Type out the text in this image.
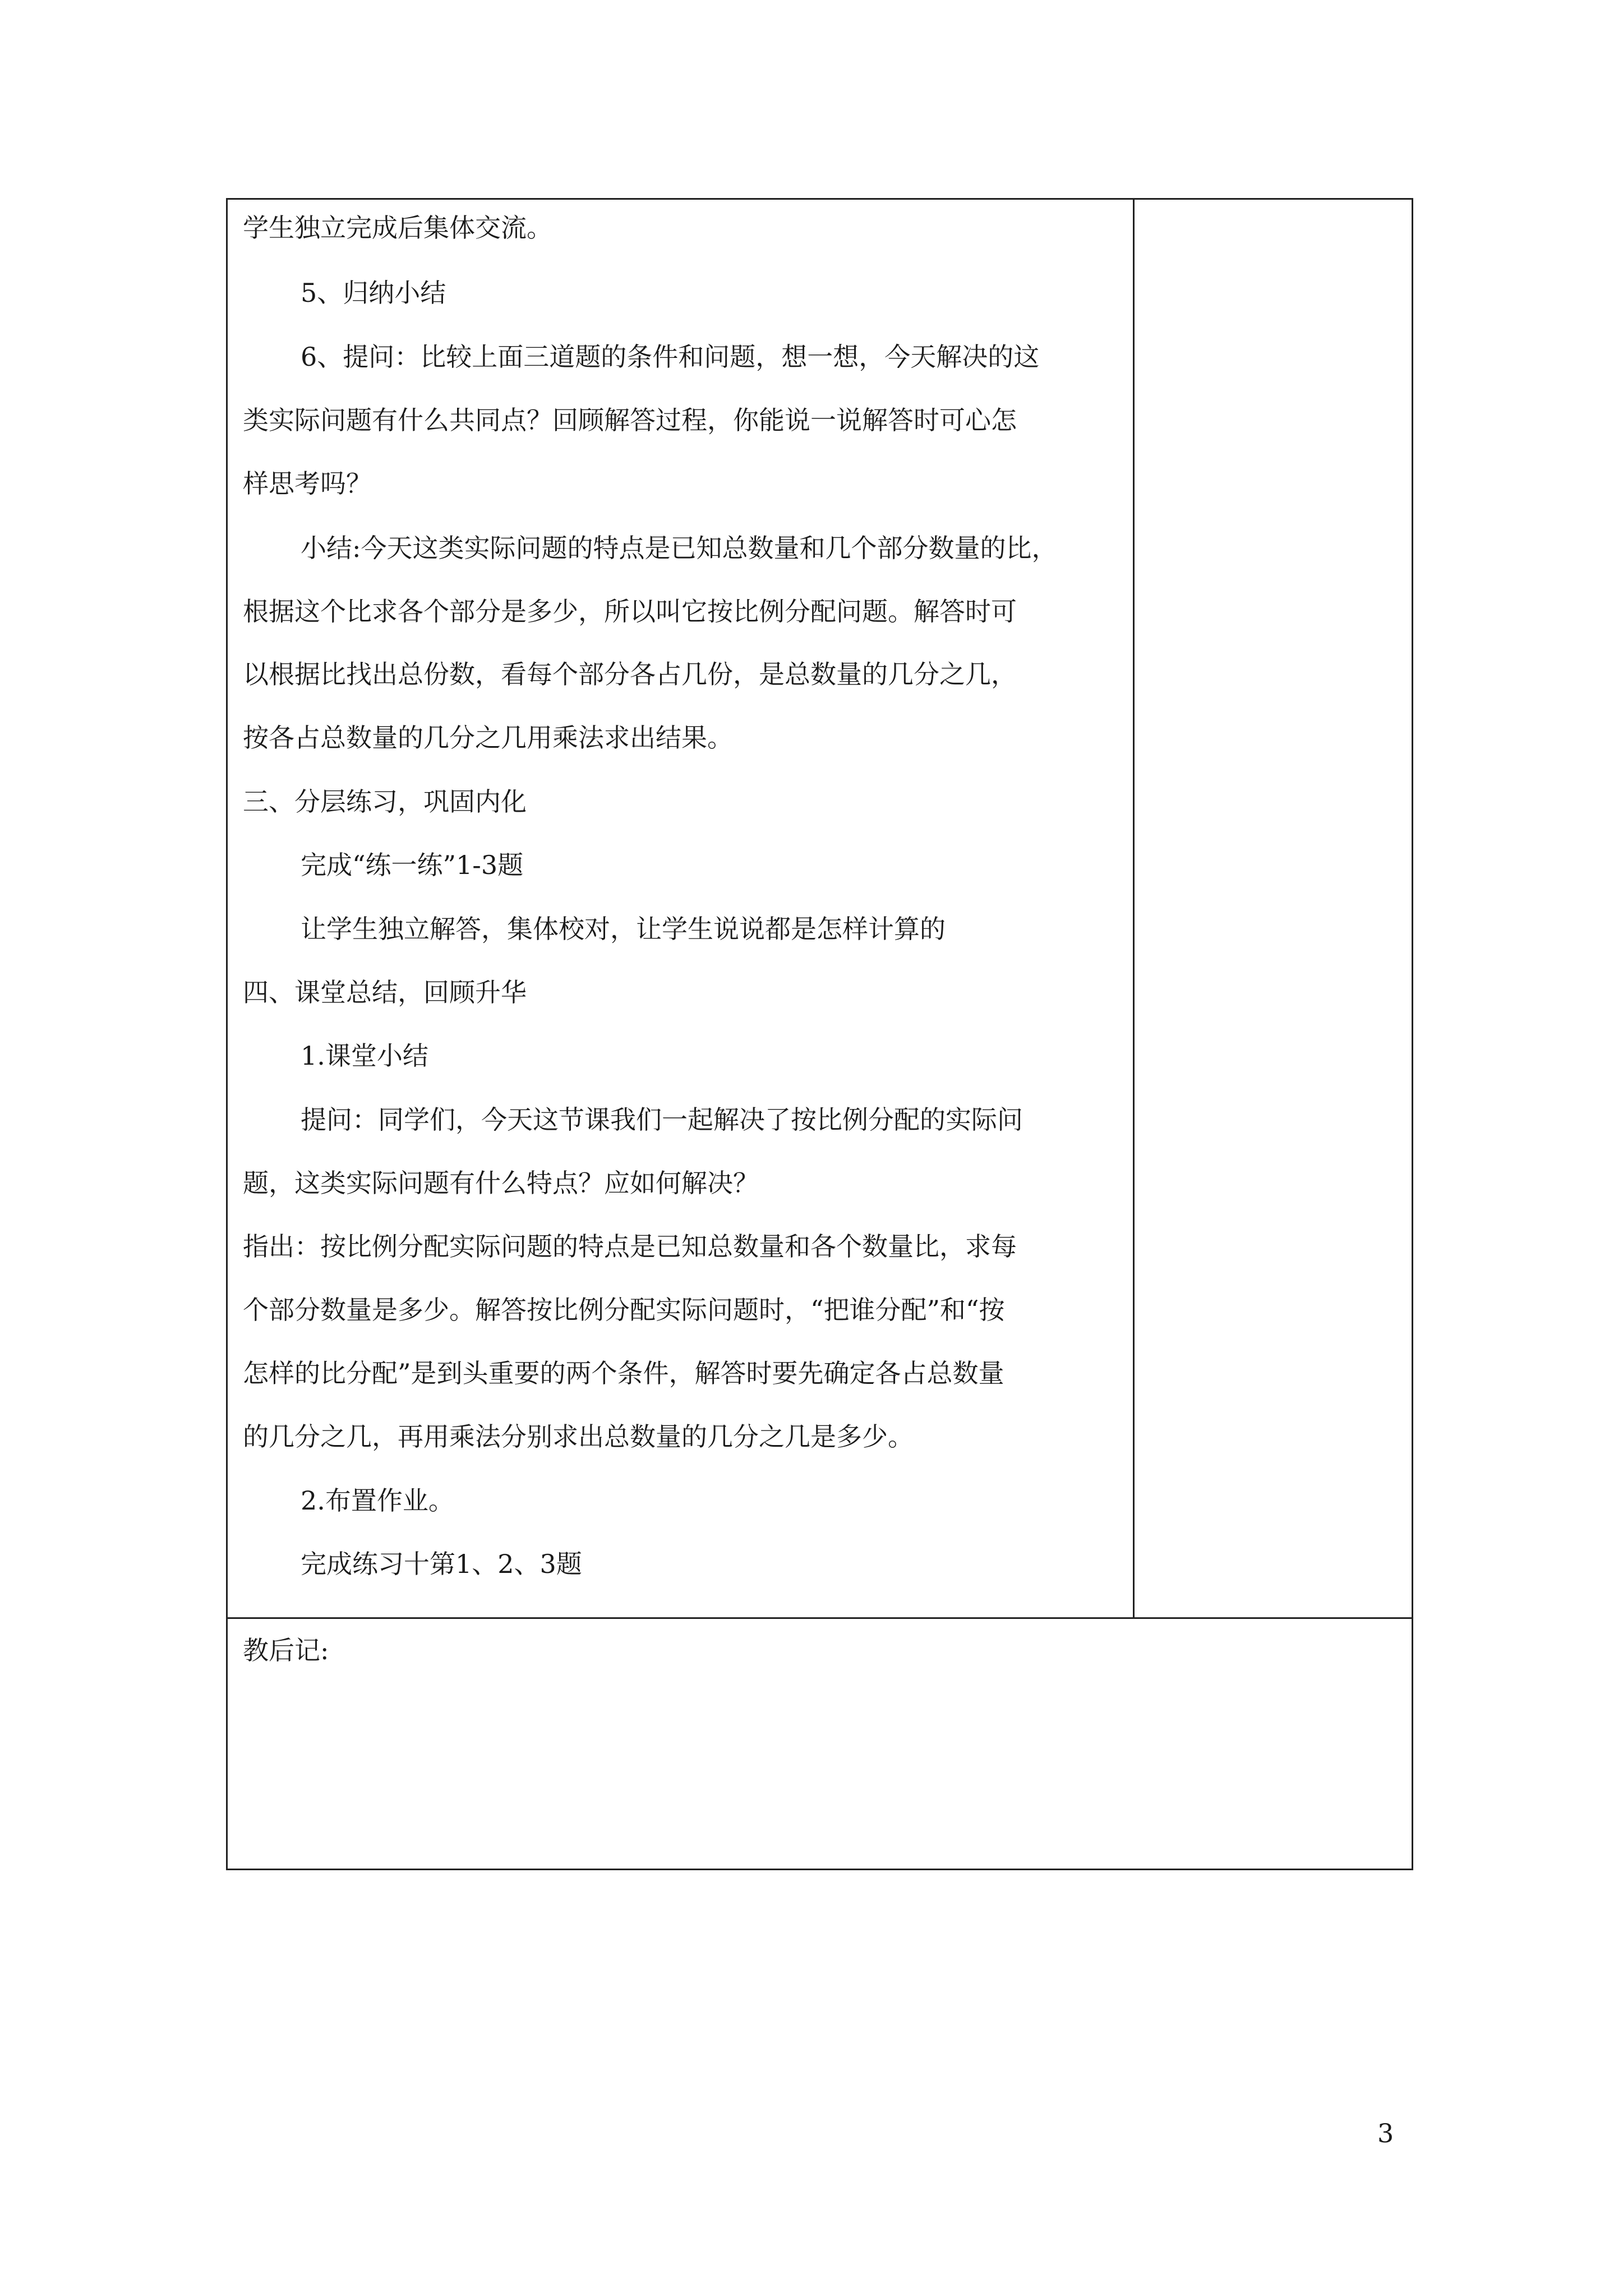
学生独立完成后集体交流。
5、归纳小结
6、提问：比较上面三道题的条件和问题，想一想，今天解决的这
类实际问题有什么共同点？回顾解答过程，你能说一说解答时可心怎
样思考吗？
小结:今天这类实际问题的特点是已知总数量和几个部分数量的比，
根据这个比求各个部分是多少，所以叫它按比例分配问题。解答时可
以根据比找出总份数，看每个部分各占几份，是总数量的几分之几，
按各占总数量的几分之几用乘法求出结果。
三、分层练习，巩固内化
完成“练一练”1-3题
让学生独立解答，集体校对，让学生说说都是怎样计算的
四、课堂总结，回顾升华
1.课堂小结
提问：同学们，今天这节课我们一起解决了按比例分配的实际问
题，这类实际问题有什么特点？应如何解决？
指出：按比例分配实际问题的特点是已知总数量和各个数量比，求每
个部分数量是多少。解答按比例分配实际问题时，“把谁分配”和“按
怎样的比分配”是到头重要的两个条件，解答时要先确定各占总数量
的几分之几，再用乘法分别求出总数量的几分之几是多少。
2.布置作业。
完成练习十第1、2、3题
教后记:
3
